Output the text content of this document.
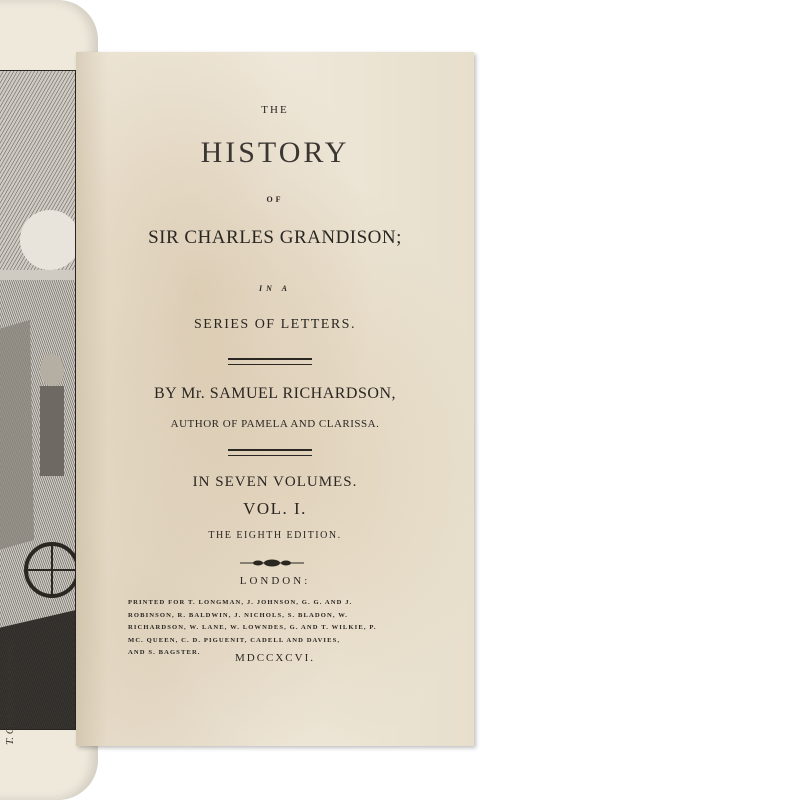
T. Cadell in the Strand.
THE
HISTORY
OF
SIR CHARLES GRANDISON;
IN A
SERIES OF LETTERS.
BY Mr. SAMUEL RICHARDSON,
AUTHOR OF PAMELA AND CLARISSA.
IN SEVEN VOLUMES.
VOL. I.
THE EIGHTH EDITION.
LONDON:
PRINTED FOR T. LONGMAN, J. JOHNSON, G. G. AND J.
ROBINSON, R. BALDWIN, J. NICHOLS, S. BLADON, W.
RICHARDSON, W. LANE, W. LOWNDES, G. AND T. WILKIE, P.
MC. QUEEN, C. D. PIGUENIT, CADELL AND DAVIES,
AND S. BAGSTER.	MDCCXCVI.
